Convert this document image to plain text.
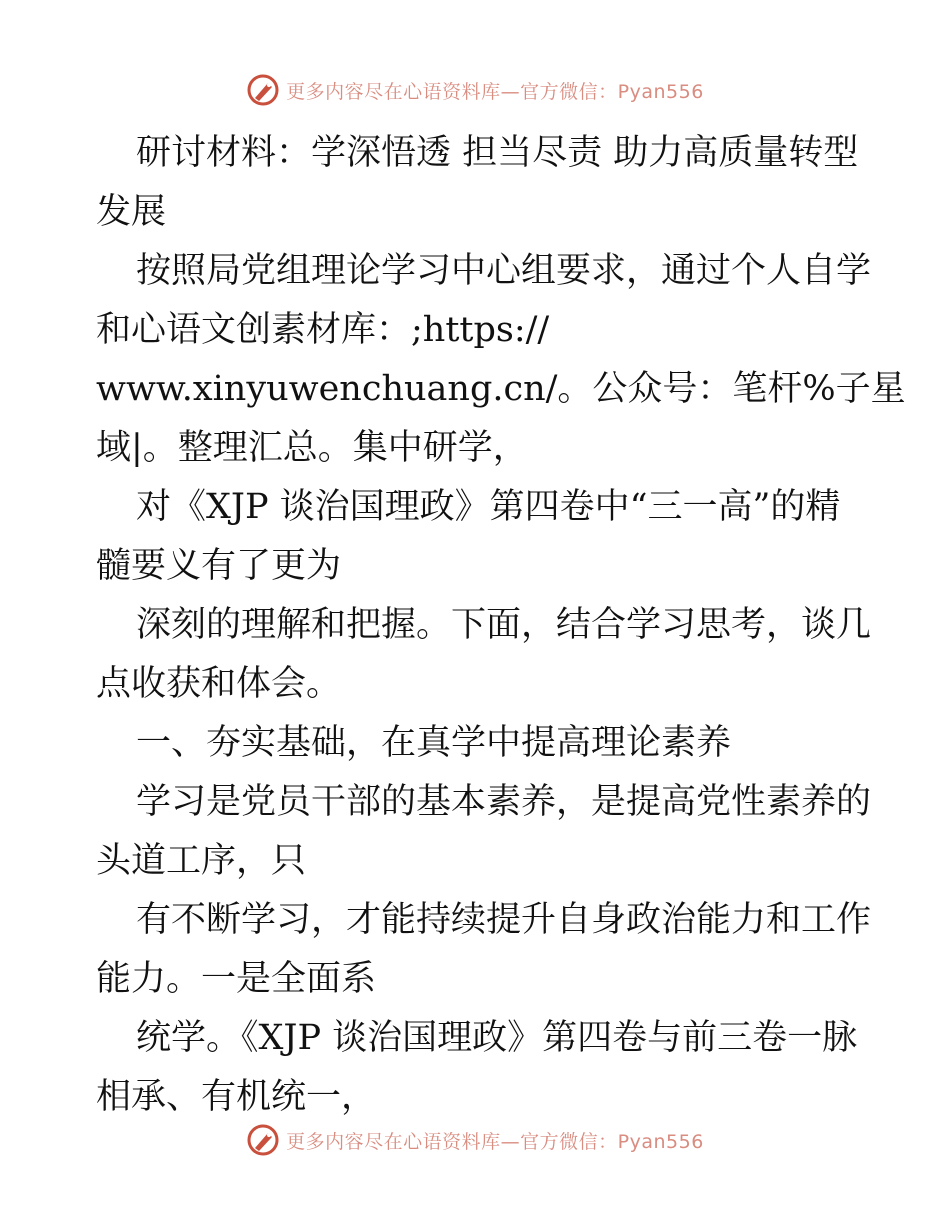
更多内容尽在心语资料库—官方微信：Pyan556
研讨材料：学深悟透 担当尽责 助力高质量转型
发展
按照局党组理论学习中心组要求，通过个人自学
和心语文创素材库：;https://
www.xinyuwenchuang.cn/。公众号：笔杆%子星
域|。整理汇总。集中研学，
对《XJP 谈治国理政》第四卷中“三一高”的精
髓要义有了更为
深刻的理解和把握。下面，结合学习思考，谈几
点收获和体会。
一、夯实基础，在真学中提高理论素养
学习是党员干部的基本素养，是提高党性素养的
头道工序，只
有不断学习，才能持续提升自身政治能力和工作
能力。一是全面系
统学。《XJP 谈治国理政》第四卷与前三卷一脉
相承、有机统一，
更多内容尽在心语资料库—官方微信：Pyan556
